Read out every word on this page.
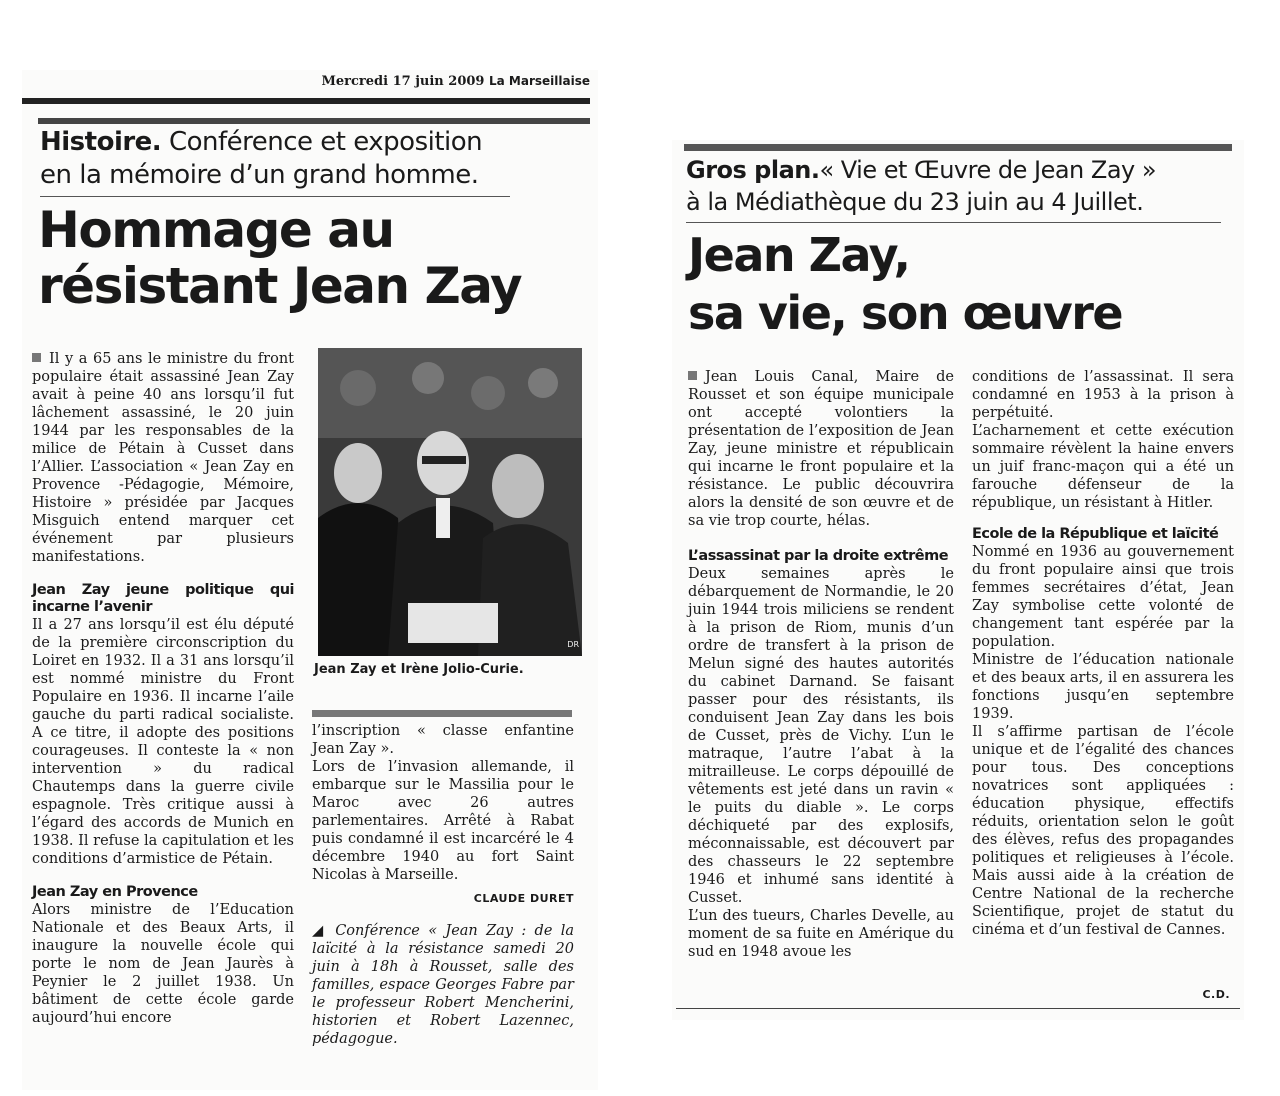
Mercredi 17 juin 2009 La Marseillaise
Histoire. Conférence et exposition
en la mémoire d’un grand homme.
Hommage au
résistant Jean Zay

Il y a 65 ans le ministre du front populaire était assassiné Jean Zay avait à peine 40 ans lorsqu’il fut lâchement assassiné, le 20 juin 1944 par les responsables de la milice de Pétain à Cusset dans l’Allier. L’association « Jean Zay en Provence -Pédagogie, Mémoire, Histoire » présidée par Jacques Misguich entend marquer cet événement par plusieurs manifestations.

Jean Zay jeune politique qui incarne l’avenir

Il a 27 ans lorsqu’il est élu député de la première circonscription du Loiret en 1932. Il a 31 ans lorsqu’il est nommé ministre du Front Populaire en 1936. Il incarne l’aile gauche du parti radical socialiste. A ce titre, il adopte des positions courageuses. Il conteste la « non intervention » du radical Chautemps dans la guerre civile espagnole. Très critique aussi à l’égard des accords de Munich en 1938. Il refuse la capitulation et les conditions d’armistice de Pétain.

Jean Zay en Provence

Alors ministre de l’Education Nationale et des Beaux Arts, il inaugure la nouvelle école qui porte le nom de Jean Jaurès à Peynier le 2 juillet 1938. Un bâtiment de cette école garde aujourd’hui encore

DR
Jean Zay et Irène Jolio-Curie.

l’inscription « classe enfantine Jean Zay ».

Lors de l’invasion allemande, il embarque sur le Massilia pour le Maroc avec 26 autres parlementaires. Arrêté à Rabat puis condamné il est incarcéré le 4 décembre 1940 au fort Saint Nicolas à Marseille.

CLAUDE DURET

◢ Conférence « Jean Zay : de la laïcité à la résistance samedi 20 juin à 18h à Rousset, salle des familles, espace Georges Fabre par le professeur Robert Mencherini, historien et Robert Lazennec, pédagogue.

Gros plan.« Vie et Œuvre de Jean Zay »
à la Médiathèque du 23 juin au 4 Juillet.
Jean Zay,
sa vie, son œuvre

Jean Louis Canal, Maire de Rousset et son équipe municipale ont accepté volontiers la présentation de l’exposition de Jean Zay, jeune ministre et républicain qui incarne le front populaire et la résistance. Le public découvrira alors la densité de son œuvre et de sa vie trop courte, hélas.

L’assassinat par la droite extrême

Deux semaines après le débarquement de Normandie, le 20 juin 1944 trois miliciens se rendent à la prison de Riom, munis d’un ordre de transfert à la prison de Melun signé des hautes autorités du cabinet Darnand. Se faisant passer pour des résistants, ils conduisent Jean Zay dans les bois de Cusset, près de Vichy. L’un le matraque, l’autre l’abat à la mitrailleuse. Le corps dépouillé de vêtements est jeté dans un ravin « le puits du diable ». Le corps déchiqueté par des explosifs, méconnaissable, est découvert par des chasseurs le 22 septembre 1946 et inhumé sans identité à Cusset.

L’un des tueurs, Charles Develle, au moment de sa fuite en Amérique du sud en 1948 avoue les

conditions de l’assassinat. Il sera condamné en 1953 à la prison à perpétuité.

L’acharnement et cette exécution sommaire révèlent la haine envers un juif franc-maçon qui a été un farouche défenseur de la république, un résistant à Hitler.

Ecole de la République et laïcité

Nommé en 1936 au gouvernement du front populaire ainsi que trois femmes secrétaires d’état, Jean Zay symbolise cette volonté de changement tant espérée par la population.

Ministre de l’éducation nationale et des beaux arts, il en assurera les fonctions jusqu’en septembre 1939.

Il s’affirme partisan de l’école unique et de l’égalité des chances pour tous. Des conceptions novatrices sont appliquées : éducation physique, effectifs réduits, orientation selon le goût des élèves, refus des propagandes politiques et religieuses à l’école. Mais aussi aide à la création de Centre National de la recherche Scientifique, projet de statut du cinéma et d’un festival de Cannes.

C.D.
